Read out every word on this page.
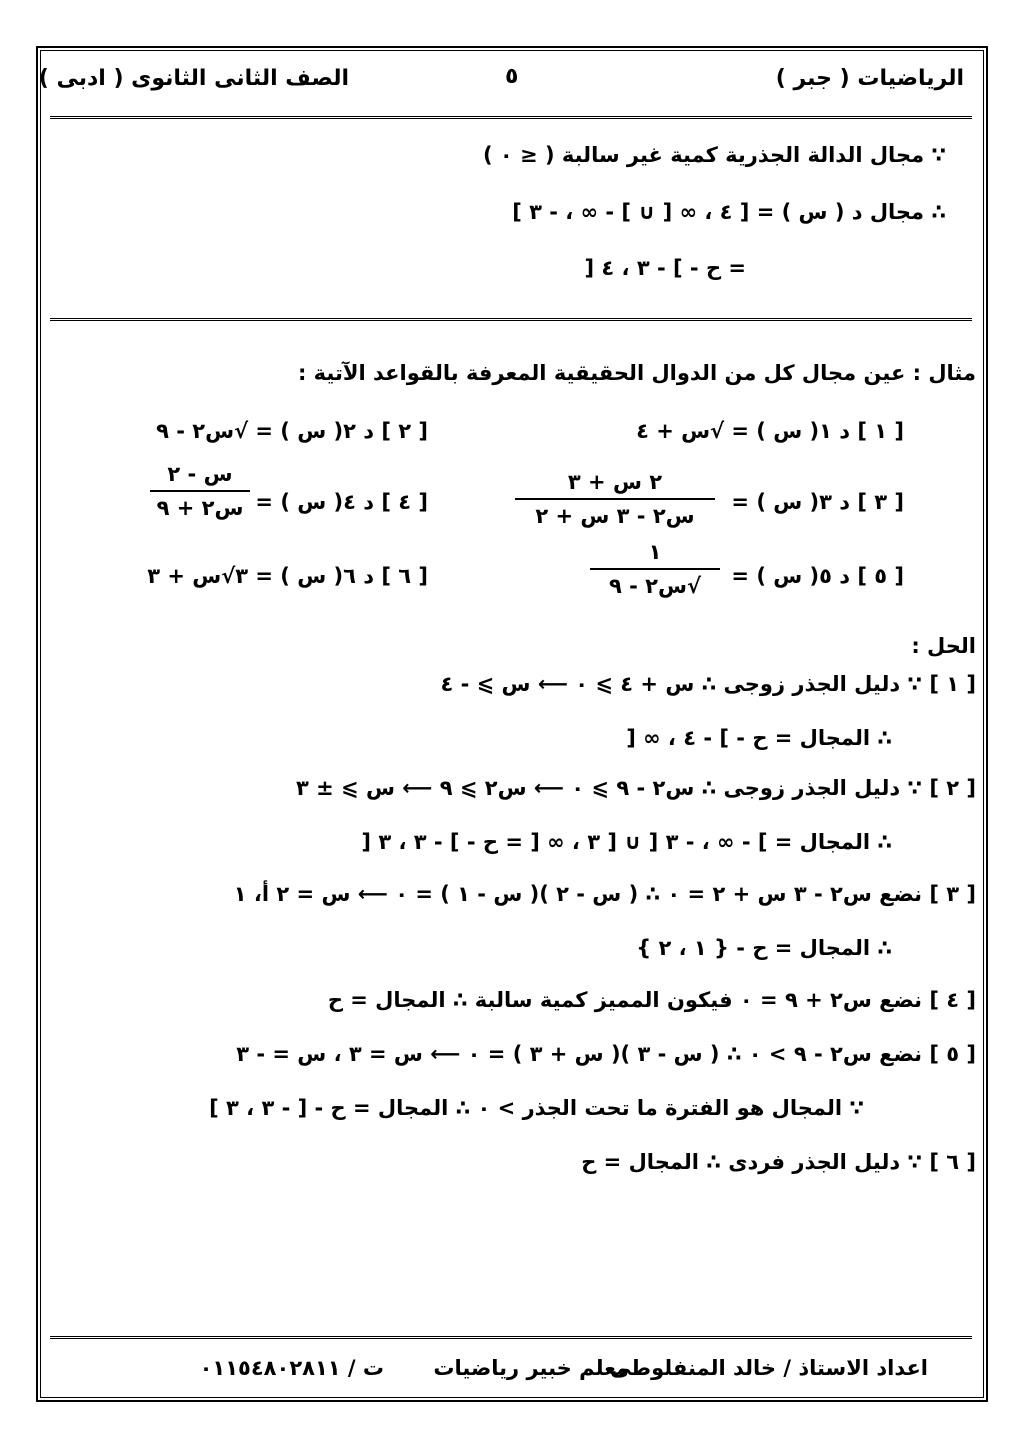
الرياضيات ( جبر )
٥
الصف الثانى الثانوى ( ادبى )
∵ مجال الدالة الجذرية كمية غير سالبة ( ≤ ٠ )
∴ مجال د ( س ) = [ ٤ ، ∞ [ ∪ ] - ∞ ، - ٣ ]
= ح - ] - ٣ ، ٤ [
مثال : عين مجال كل من الدوال الحقيقية المعرفة بالقواعد الآتية :
[ ١ ] د ١( س ) = √س + ٤
[ ٢ ] د ٢( س ) = √س٢ - ٩
[ ٣ ] د ٣( س ) =
٢ س + ٣
س٢ - ٣ س + ٢
[ ٤ ] د ٤( س ) =
س - ٢
س٢ + ٩
[ ٥ ] د ٥( س ) =
١
√س٢ - ٩
[ ٦ ] د ٦( س ) = ٣√س + ٣
الحل :
[ ١ ] ∵ دليل الجذر زوجى ∴ س + ٤ ⩾ ٠ ⟵ س ⩾ - ٤
∴ المجال = ح - ] - ٤ ، ∞ [
[ ٢ ] ∵ دليل الجذر زوجى ∴ س٢ - ٩ ⩾ ٠ ⟵ س٢ ⩾ ٩ ⟵ س ⩾ ± ٣
∴ المجال = ] - ∞ ، - ٣ [ ∪ [ ٣ ، ∞ [ = ح - ] - ٣ ، ٣ [
[ ٣ ] نضع س٢ - ٣ س + ٢ = ٠ ∴ ( س - ٢ )( س - ١ ) = ٠ ⟵ س = ٢ أ، ١
∴ المجال = ح - { ١ ، ٢ }
[ ٤ ] نضع س٢ + ٩ = ٠ فيكون المميز كمية سالبة ∴ المجال = ح
[ ٥ ] نضع س٢ - ٩ > ٠ ∴ ( س - ٣ )( س + ٣ ) = ٠ ⟵ س = ٣ ، س = - ٣
∵ المجال هو الفترة ما تحت الجذر > ٠ ∴ المجال = ح - [ - ٣ ، ٣ ]
[ ٦ ] ∵ دليل الجذر فردى ∴ المجال = ح
اعداد الاستاذ / خالد المنفلوطى
معلم خبير رياضيات
ت / ٠١١٥٤٨٠٢٨١١
